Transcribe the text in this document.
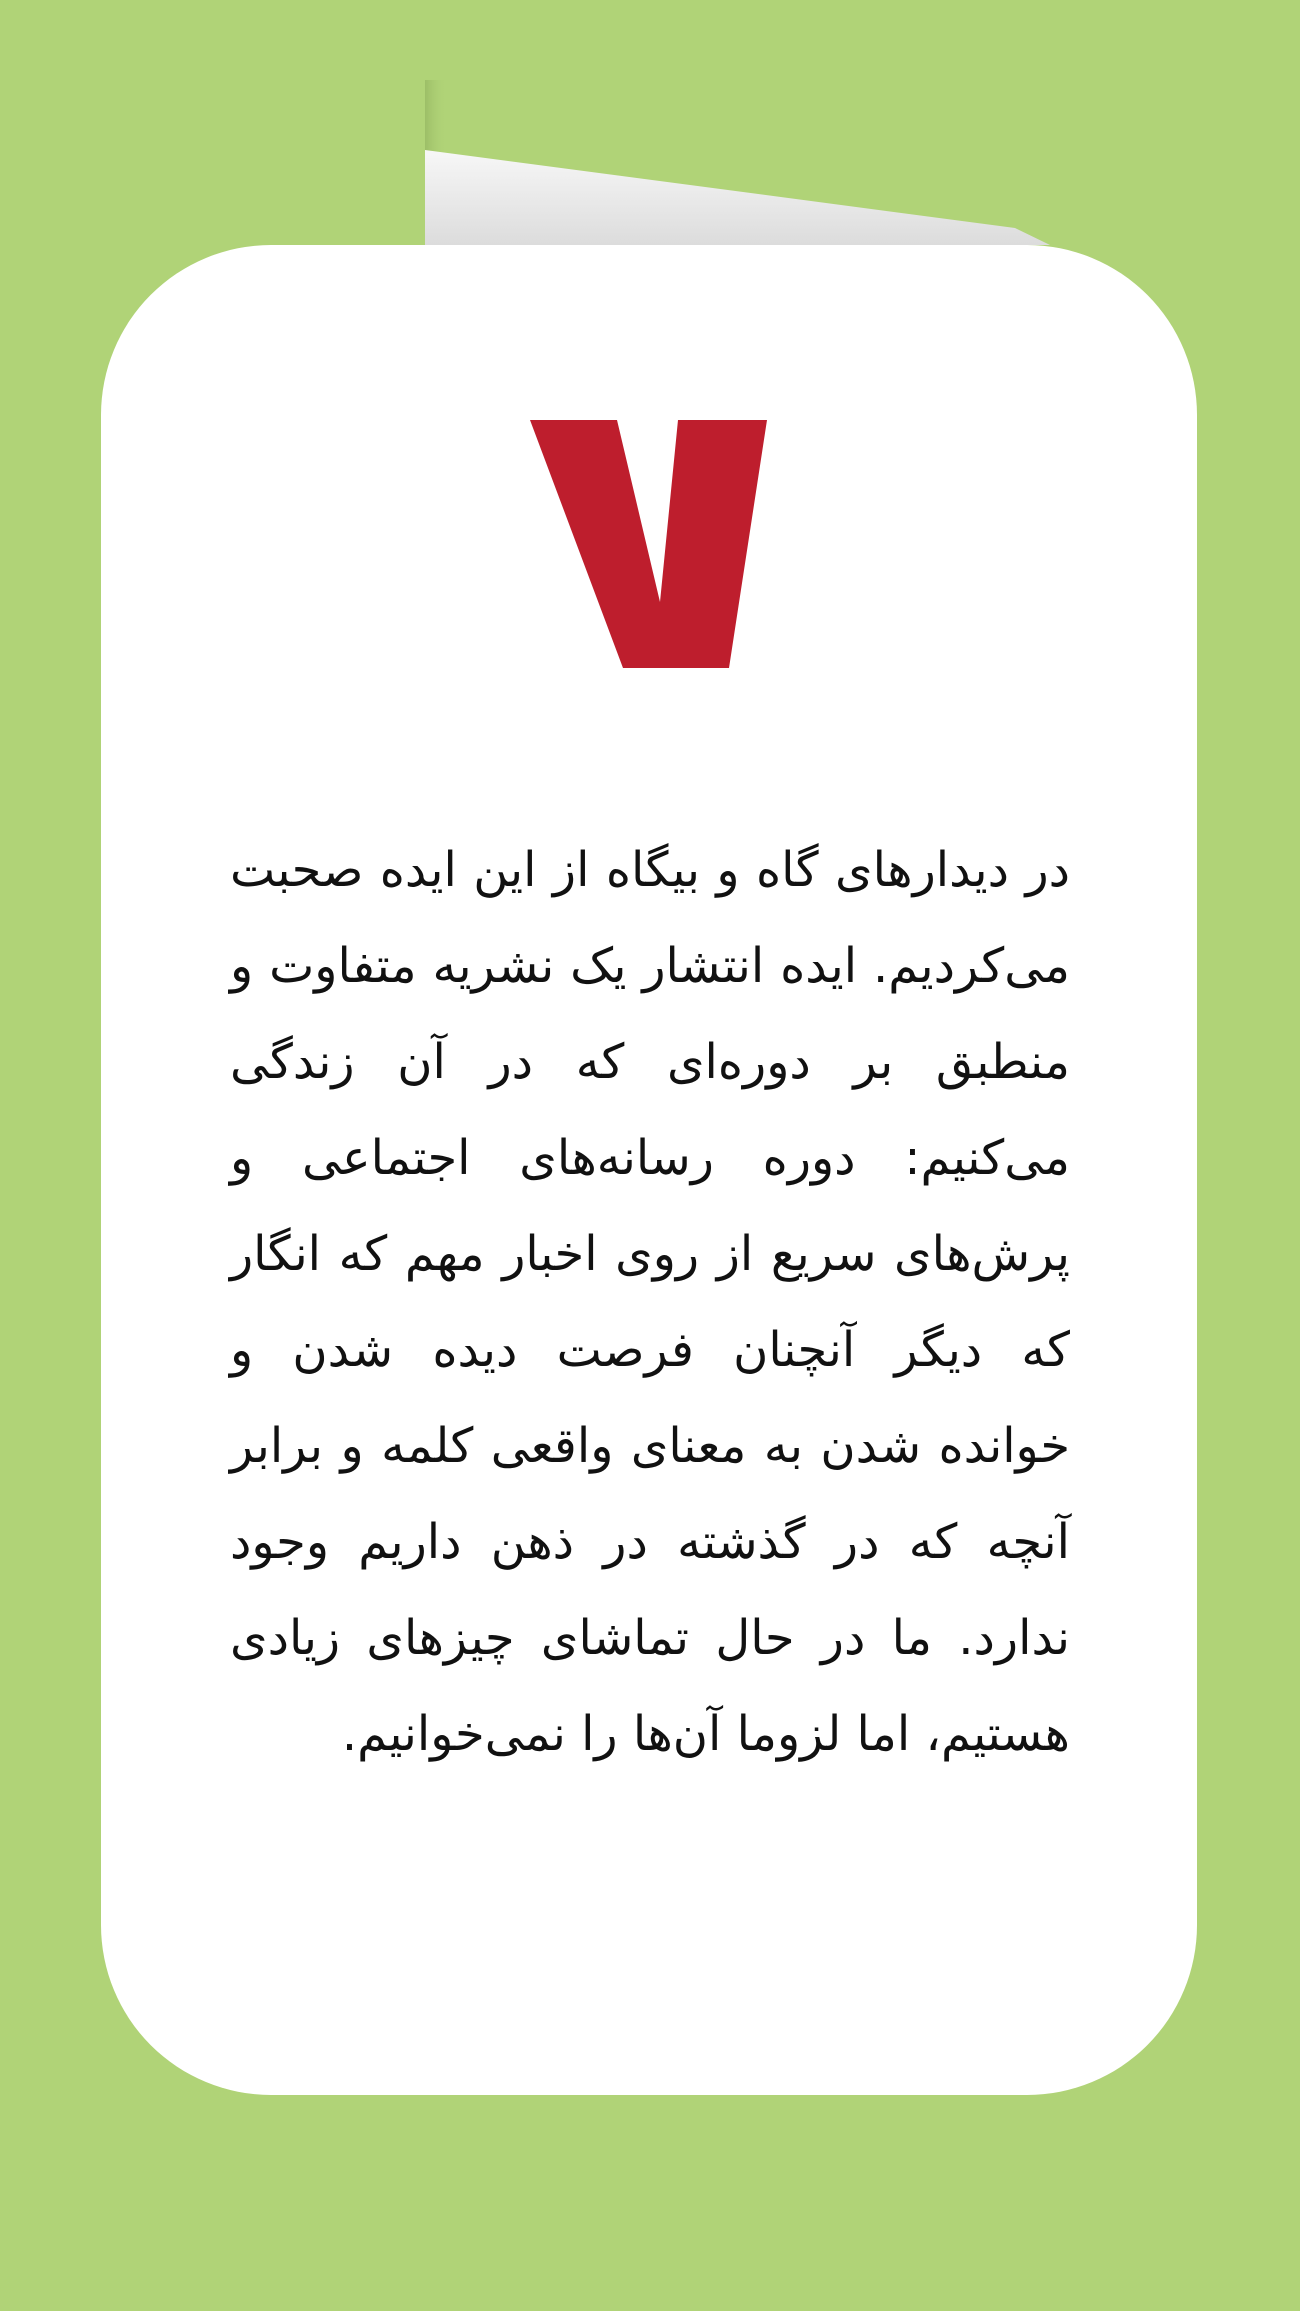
در دیدارهای گاه و بیگاه از این ایده صحبت می‌کردیم. ایده انتشار یک نشریه متفاوت و منطبق بر دوره‌ای که در آن زندگی می‌کنیم: دوره رسانه‌های اجتماعی و پرش‌های سریع از روی اخبار مهم که انگار که دیگر آنچنان فرصت دیده شدن و خوانده شدن به معنای واقعی کلمه و برابر آنچه که در گذشته در ذهن داریم وجود ندارد. ما در حال تماشای چیزهای زیادی هستیم، اما لزوما آن‌ها را نمی‌خوانیم.
